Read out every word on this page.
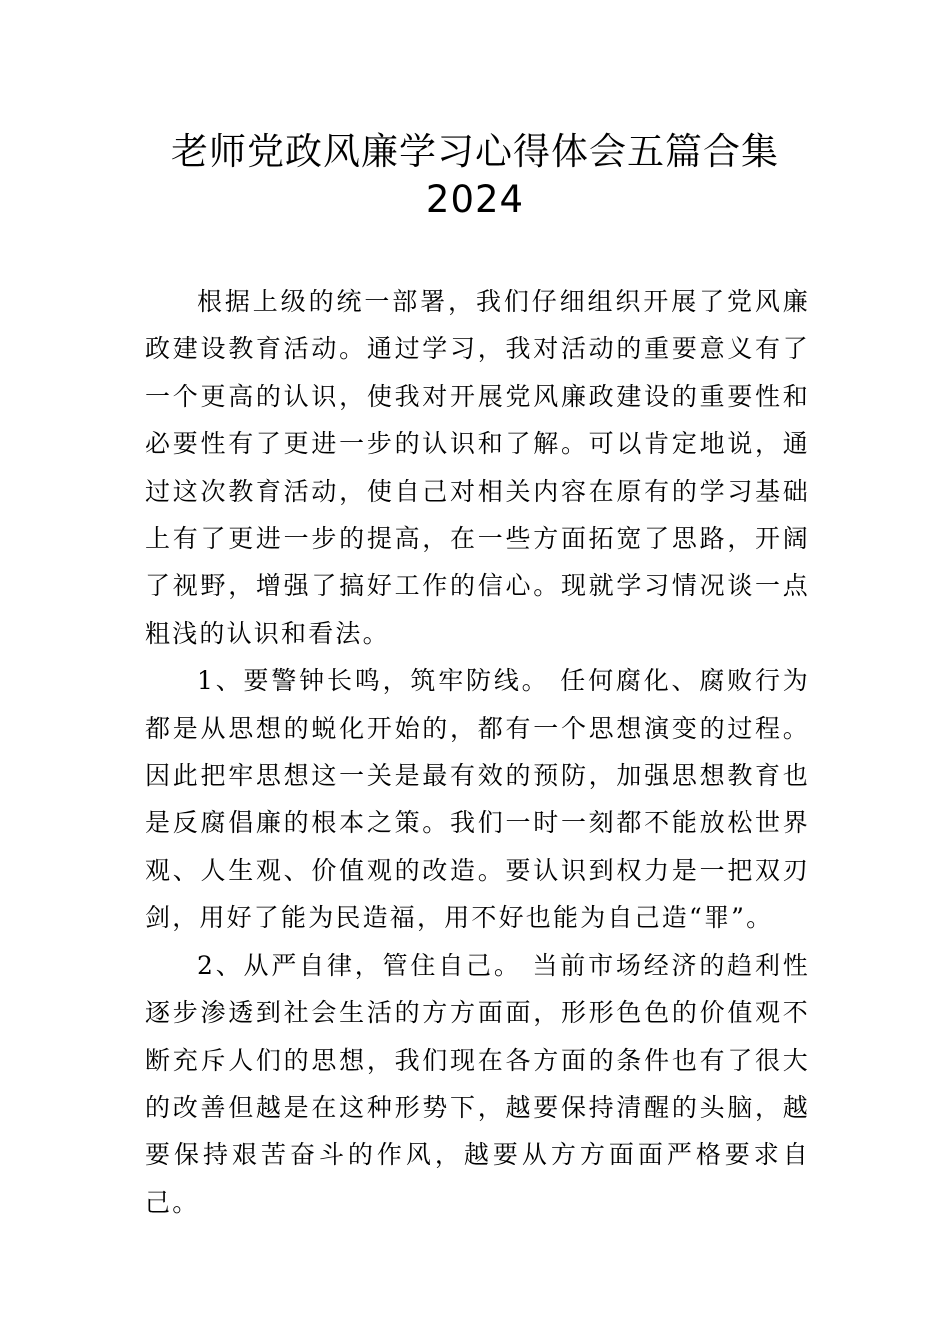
老师党政风廉学习心得体会五篇合集
2024

根据上级的统一部署，我们仔细组织开展了党风廉政建设教育活动。通过学习，我对活动的重要意义有了一个更高的认识，使我对开展党风廉政建设的重要性和必要性有了更进一步的认识和了解。可以肯定地说，通过这次教育活动，使自己对相关内容在原有的学习基础上有了更进一步的提高，在一些方面拓宽了思路，开阔了视野，增强了搞好工作的信心。现就学习情况谈一点粗浅的认识和看法。

1、要警钟长鸣，筑牢防线。 任何腐化、腐败行为都是从思想的蜕化开始的，都有一个思想演变的过程。因此把牢思想这一关是最有效的预防，加强思想教育也是反腐倡廉的根本之策。我们一时一刻都不能放松世界观、人生观、价值观的改造。要认识到权力是一把双刃剑，用好了能为民造福，用不好也能为自己造“罪”。

2、从严自律，管住自己。 当前市场经济的趋利性逐步渗透到社会生活的方方面面，形形色色的价值观不断充斥人们的思想，我们现在各方面的条件也有了很大的改善但越是在这种形势下，越要保持清醒的头脑，越要保持艰苦奋斗的作风，越要从方方面面严格要求自己。
